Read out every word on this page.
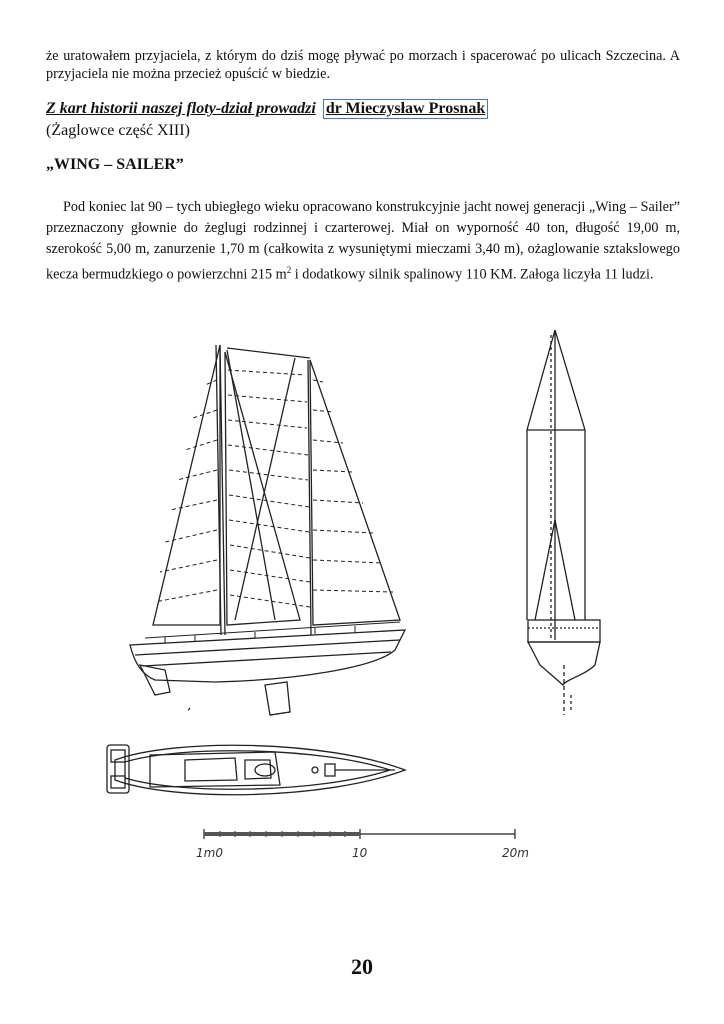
że uratowałem przyjaciela, z którym do dziś mogę pływać po morzach i spacerować po ulicach Szczecina. A przyjaciela nie można przecież opuścić w biedzie.

Z kart historii naszej floty-dział prowadzi dr Mieczysław Prosnak
(Żaglowce część XIII)
„WING – SAILER”

Pod koniec lat 90 – tych ubiegłego wieku opracowano konstrukcyjnie jacht nowej generacji „Wing – Sailer” przeznaczony głownie do żeglugi rodzinnej i czarterowej. Miał on wyporność 40 ton, długość 19,00 m, szerokość 5,00 m, zanurzenie 1,70 m (całkowita z wysuniętymi mieczami 3,40 m), ożaglowanie sztakslowego kecza bermudzkiego o powierzchni 215 $m^2$ i dodatkowy silnik spalinowy 110 KM. Załoga liczyła 11 ludzi.

1m0	10	20m
20
